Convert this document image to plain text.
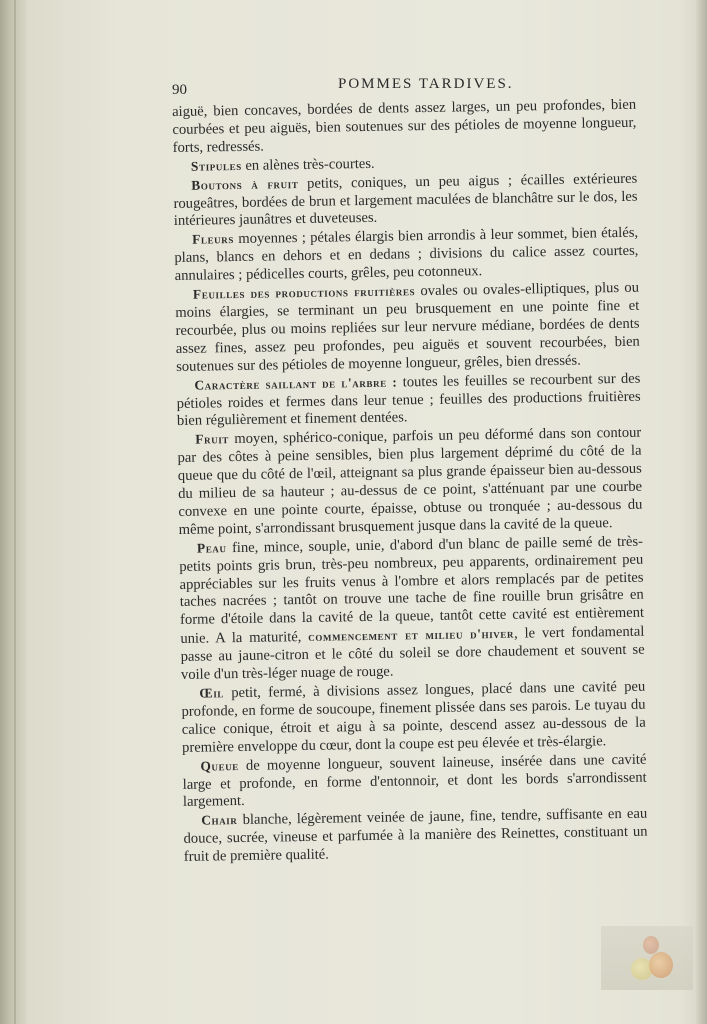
90	POMMES TARDIVES.

aiguë, bien concaves, bordées de dents assez larges, un peu profondes, bien courbées et peu aiguës, bien soutenues sur des pétioles de moyenne longueur, forts, redressés.

Stipules en alènes très-courtes.

Boutons à fruit petits, coniques, un peu aigus ; écailles extérieures rougeâtres, bordées de brun et largement maculées de blanchâtre sur le dos, les intérieures jaunâtres et duveteuses.

Fleurs moyennes ; pétales élargis bien arrondis à leur sommet, bien étalés, plans, blancs en dehors et en dedans ; divisions du calice assez courtes, annulaires ; pédicelles courts, grêles, peu cotonneux.

Feuilles des productions fruitières ovales ou ovales-elliptiques, plus ou moins élargies, se terminant un peu brusquement en une pointe fine et recourbée, plus ou moins repliées sur leur nervure médiane, bordées de dents assez fines, assez peu profondes, peu aiguës et souvent recourbées, bien soutenues sur des pétioles de moyenne longueur, grêles, bien dressés.

Caractère saillant de l'arbre : toutes les feuilles se recourbent sur des pétioles roides et fermes dans leur tenue ; feuilles des productions fruitières bien régulièrement et finement dentées.

Fruit moyen, sphérico-conique, parfois un peu déformé dans son contour par des côtes à peine sensibles, bien plus largement déprimé du côté de la queue que du côté de l'œil, atteignant sa plus grande épaisseur bien au-dessous du milieu de sa hauteur ; au-dessus de ce point, s'atténuant par une courbe convexe en une pointe courte, épaisse, obtuse ou tronquée ; au-dessous du même point, s'arrondissant brusquement jusque dans la cavité de la queue.

Peau fine, mince, souple, unie, d'abord d'un blanc de paille semé de très-petits points gris brun, très-peu nombreux, peu apparents, ordinairement peu appréciables sur les fruits venus à l'ombre et alors remplacés par de petites taches nacrées ; tantôt on trouve une tache de fine rouille brun grisâtre en forme d'étoile dans la cavité de la queue, tantôt cette cavité est entièrement unie. A la maturité, commencement et milieu d'hiver, le vert fondamental passe au jaune-citron et le côté du soleil se dore chaudement et souvent se voile d'un très-léger nuage de rouge.

Œil petit, fermé, à divisions assez longues, placé dans une cavité peu profonde, en forme de soucoupe, finement plissée dans ses parois. Le tuyau du calice conique, étroit et aigu à sa pointe, descend assez au-dessous de la première enveloppe du cœur, dont la coupe est peu élevée et très-élargie.

Queue de moyenne longueur, souvent laineuse, insérée dans une cavité large et profonde, en forme d'entonnoir, et dont les bords s'arrondissent largement.

Chair blanche, légèrement veinée de jaune, fine, tendre, suffisante en eau douce, sucrée, vineuse et parfumée à la manière des Reinettes, constituant un fruit de première qualité.
